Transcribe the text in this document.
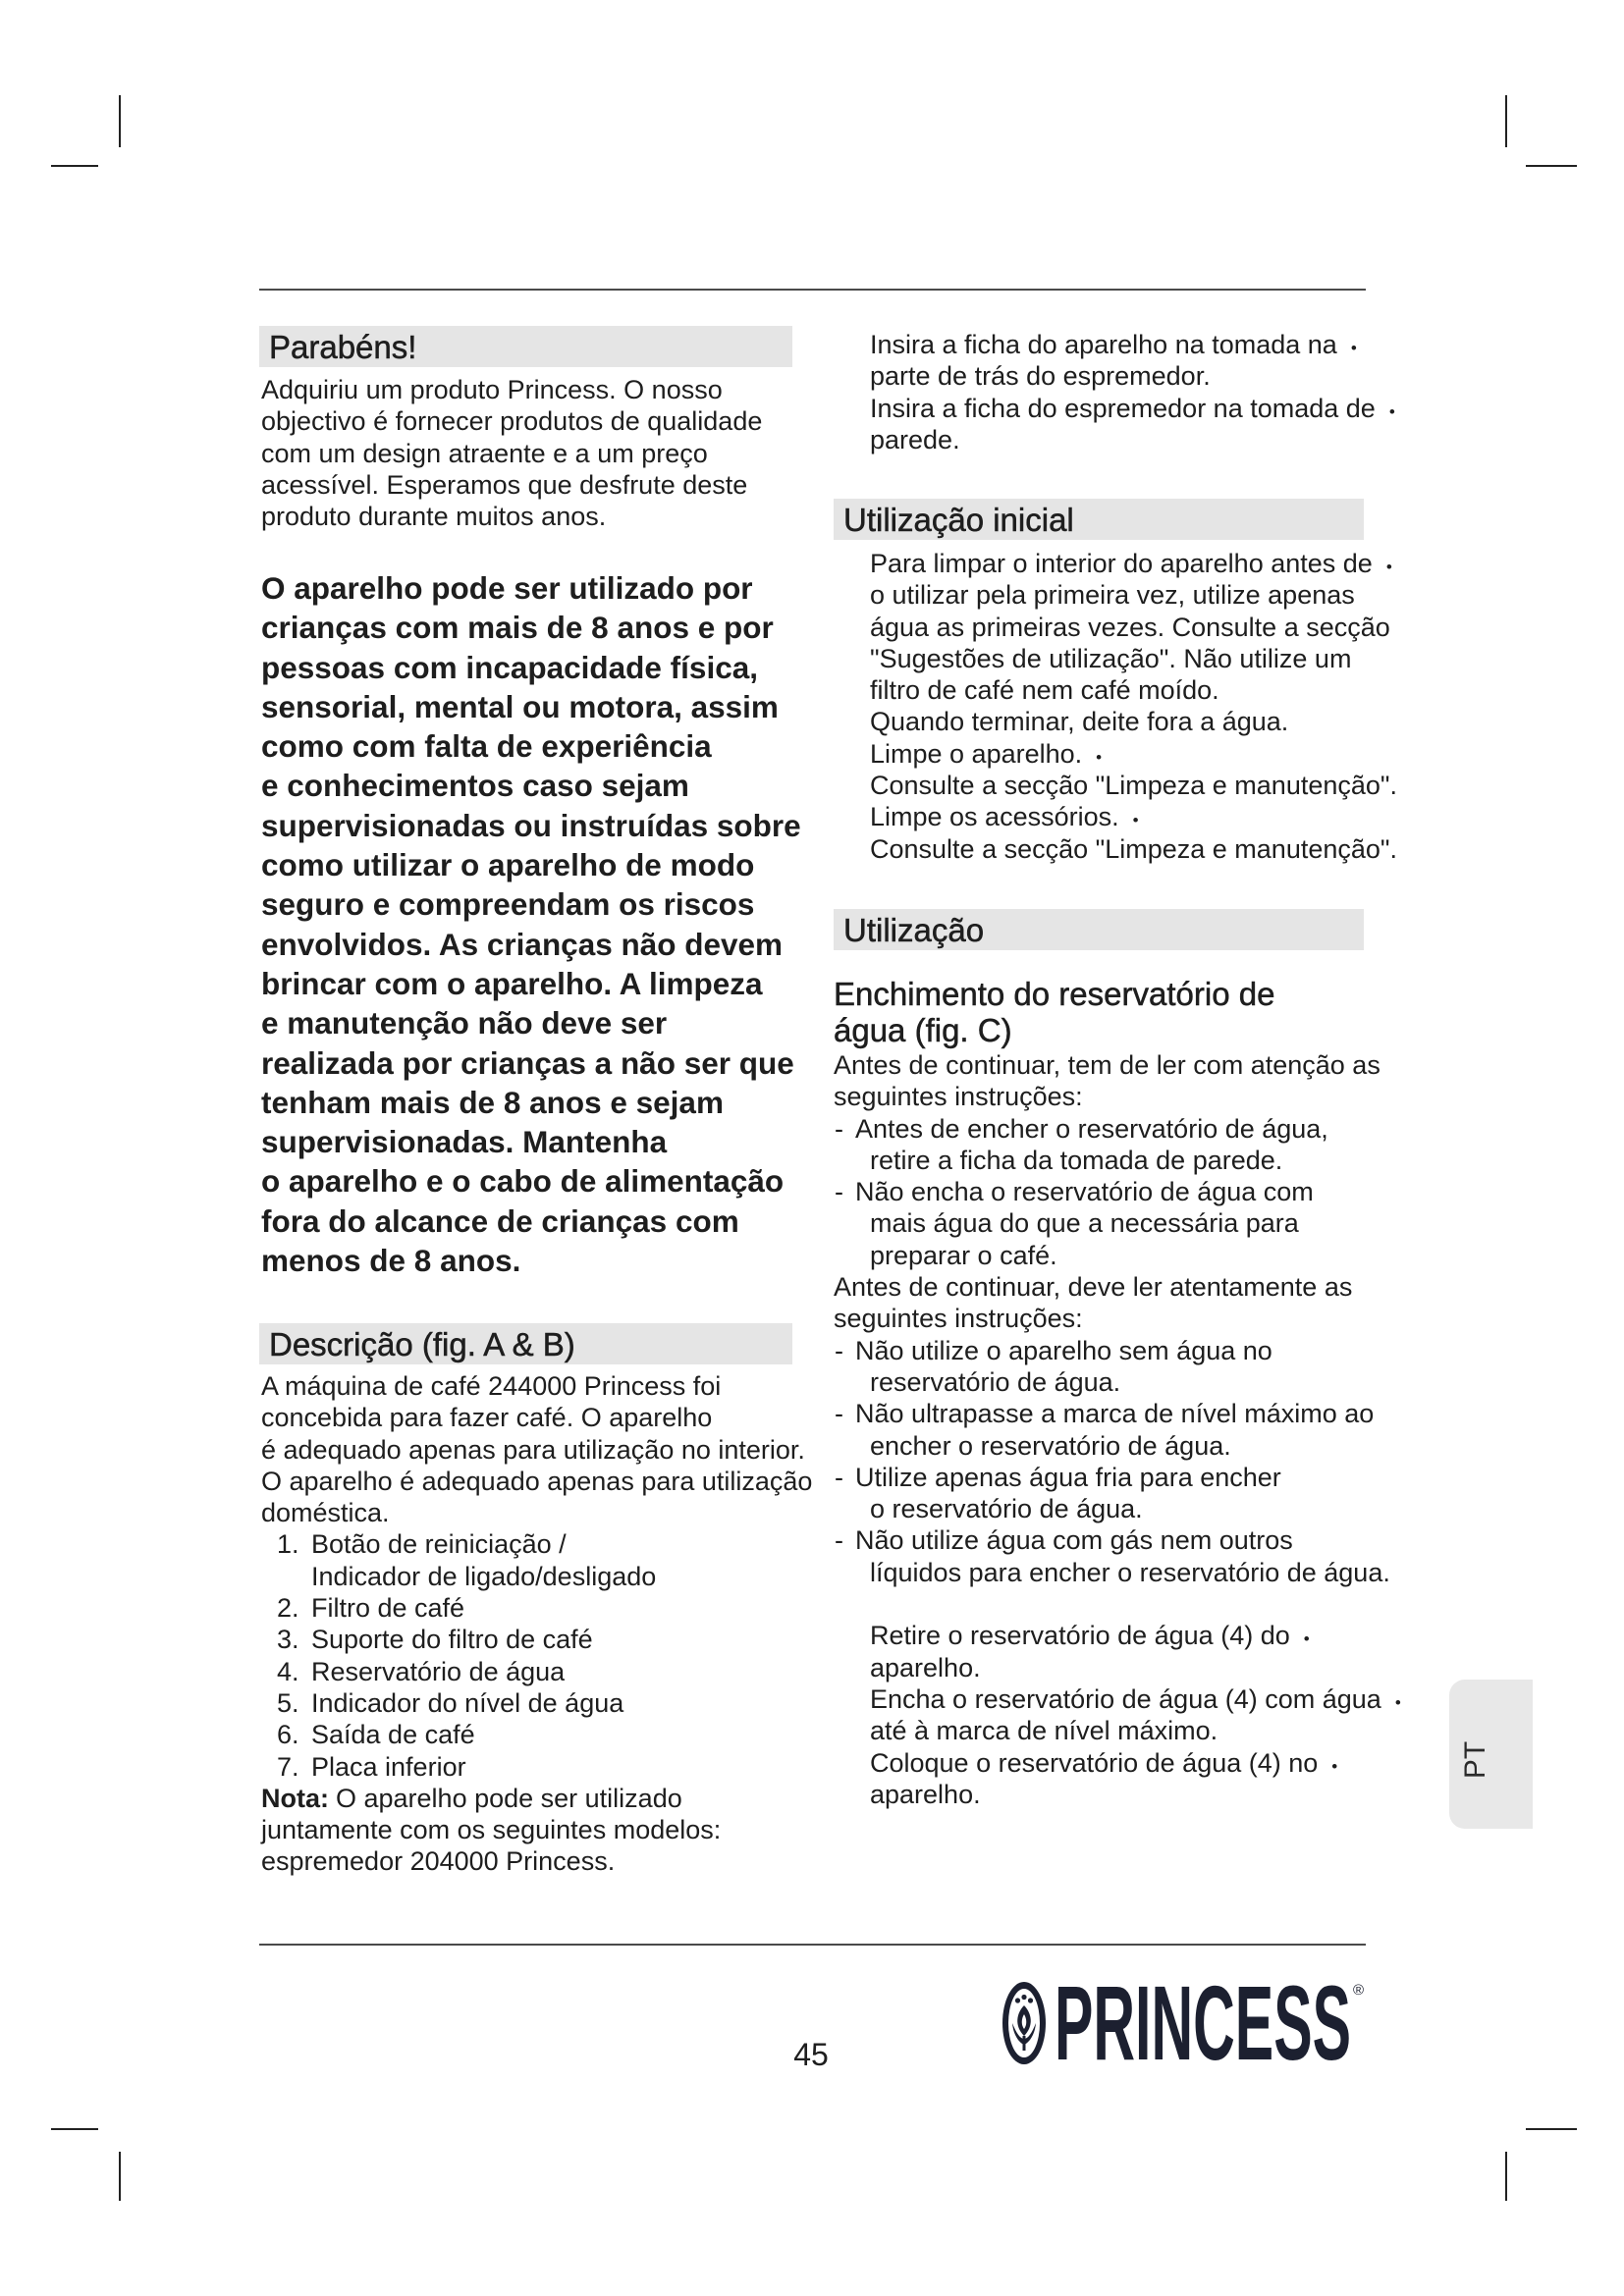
Parabéns!
Adquiriu um produto Princess. O nosso
objectivo é fornecer produtos de qualidade
com um design atraente e a um preço
acessível. Esperamos que desfrute deste
produto durante muitos anos.
O aparelho pode ser utilizado por
crianças com mais de 8 anos e por
pessoas com incapacidade física,
sensorial, mental ou motora, assim
como com falta de experiência
e conhecimentos caso sejam
supervisionadas ou instruídas sobre
como utilizar o aparelho de modo
seguro e compreendam os riscos
envolvidos. As crianças não devem
brincar com o aparelho. A limpeza
e manutenção não deve ser
realizada por crianças a não ser que
tenham mais de 8 anos e sejam
supervisionadas. Mantenha
o aparelho e o cabo de alimentação
fora do alcance de crianças com
menos de 8 anos.
Descrição (fig. A & B)
A máquina de café 244000 Princess foi
concebida para fazer café. O aparelho
é adequado apenas para utilização no interior.
O aparelho é adequado apenas para utilização
doméstica.
1. Botão de reiniciação /
Indicador de ligado/desligado
2. Filtro de café
3. Suporte do filtro de café
4. Reservatório de água
5. Indicador do nível de água
6. Saída de café
7. Placa inferior
Nota: O aparelho pode ser utilizado
juntamente com os seguintes modelos:
espremedor 204000 Princess.
Insira a ficha do aparelho na tomada na •
parte de trás do espremedor.
Insira a ficha do espremedor na tomada de •
parede.
Utilização inicial
Para limpar o interior do aparelho antes de •
o utilizar pela primeira vez, utilize apenas
água as primeiras vezes. Consulte a secção
"Sugestões de utilização". Não utilize um
filtro de café nem café moído.
Quando terminar, deite fora a água.
Limpe o aparelho. •
Consulte a secção "Limpeza e manutenção".
Limpe os acessórios. •
Consulte a secção "Limpeza e manutenção".
Utilização
Enchimento do reservatório de
água (fig. C)
Antes de continuar, tem de ler com atenção as
seguintes instruções:
- Antes de encher o reservatório de água,
retire a ficha da tomada de parede.
- Não encha o reservatório de água com
mais água do que a necessária para
preparar o café.
Antes de continuar, deve ler atentamente as
seguintes instruções:
- Não utilize o aparelho sem água no
reservatório de água.
- Não ultrapasse a marca de nível máximo ao
encher o reservatório de água.
- Utilize apenas água fria para encher
o reservatório de água.
- Não utilize água com gás nem outros
líquidos para encher o reservatório de água.
Retire o reservatório de água (4) do •
aparelho.
Encha o reservatório de água (4) com água •
até à marca de nível máximo.
Coloque o reservatório de água (4) no •
aparelho.
PT
45 PRINCESS ®
